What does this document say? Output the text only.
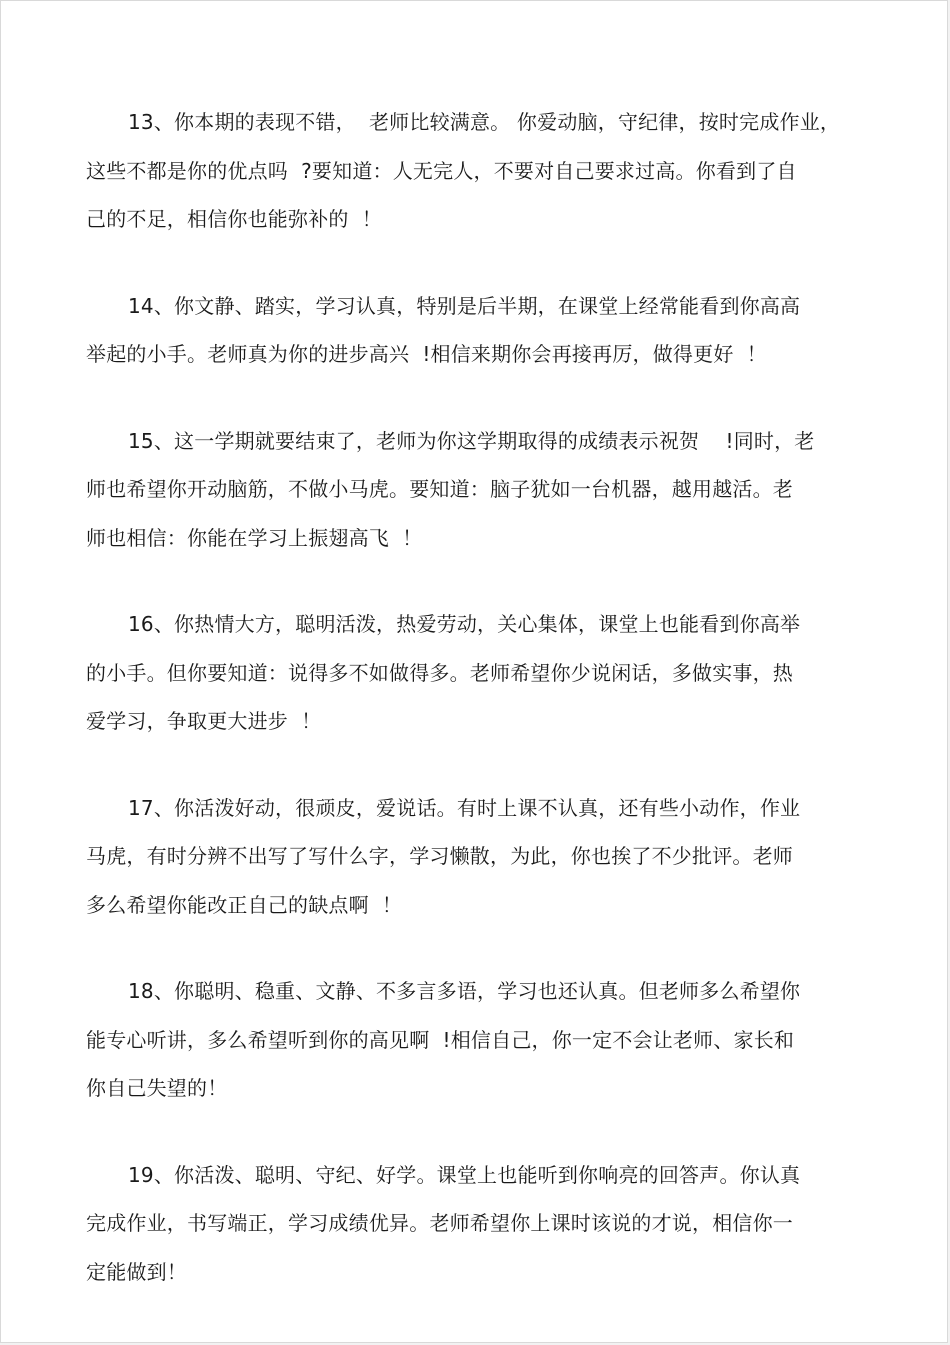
13、你本期的表现不错，  老师比较满意。 你爱动脑，守纪律，按时完成作业，
这些不都是你的优点吗  ?要知道：人无完人，不要对自己要求过高。你看到了自
己的不足，相信你也能弥补的  ！
14、你文静、踏实，学习认真，特别是后半期，在课堂上经常能看到你高高
举起的小手。老师真为你的进步高兴  !相信来期你会再接再厉，做得更好  ！
15、这一学期就要结束了，老师为你这学期取得的成绩表示祝贺    !同时，老
师也希望你开动脑筋，不做小马虎。要知道：脑子犹如一台机器，越用越活。老
师也相信：你能在学习上振翅高飞  ！
16、你热情大方，聪明活泼，热爱劳动，关心集体，课堂上也能看到你高举
的小手。但你要知道：说得多不如做得多。老师希望你少说闲话，多做实事，热
爱学习，争取更大进步  ！
17、你活泼好动，很顽皮，爱说话。有时上课不认真，还有些小动作，作业
马虎，有时分辨不出写了写什么字，学习懒散，为此，你也挨了不少批评。老师
多么希望你能改正自己的缺点啊  ！
18、你聪明、稳重、文静、不多言多语，学习也还认真。但老师多么希望你
能专心听讲，多么希望听到你的高见啊  !相信自己，你一定不会让老师、家长和
你自己失望的！
19、你活泼、聪明、守纪、好学。课堂上也能听到你响亮的回答声。你认真
完成作业，书写端正，学习成绩优异。老师希望你上课时该说的才说，相信你一
定能做到！
